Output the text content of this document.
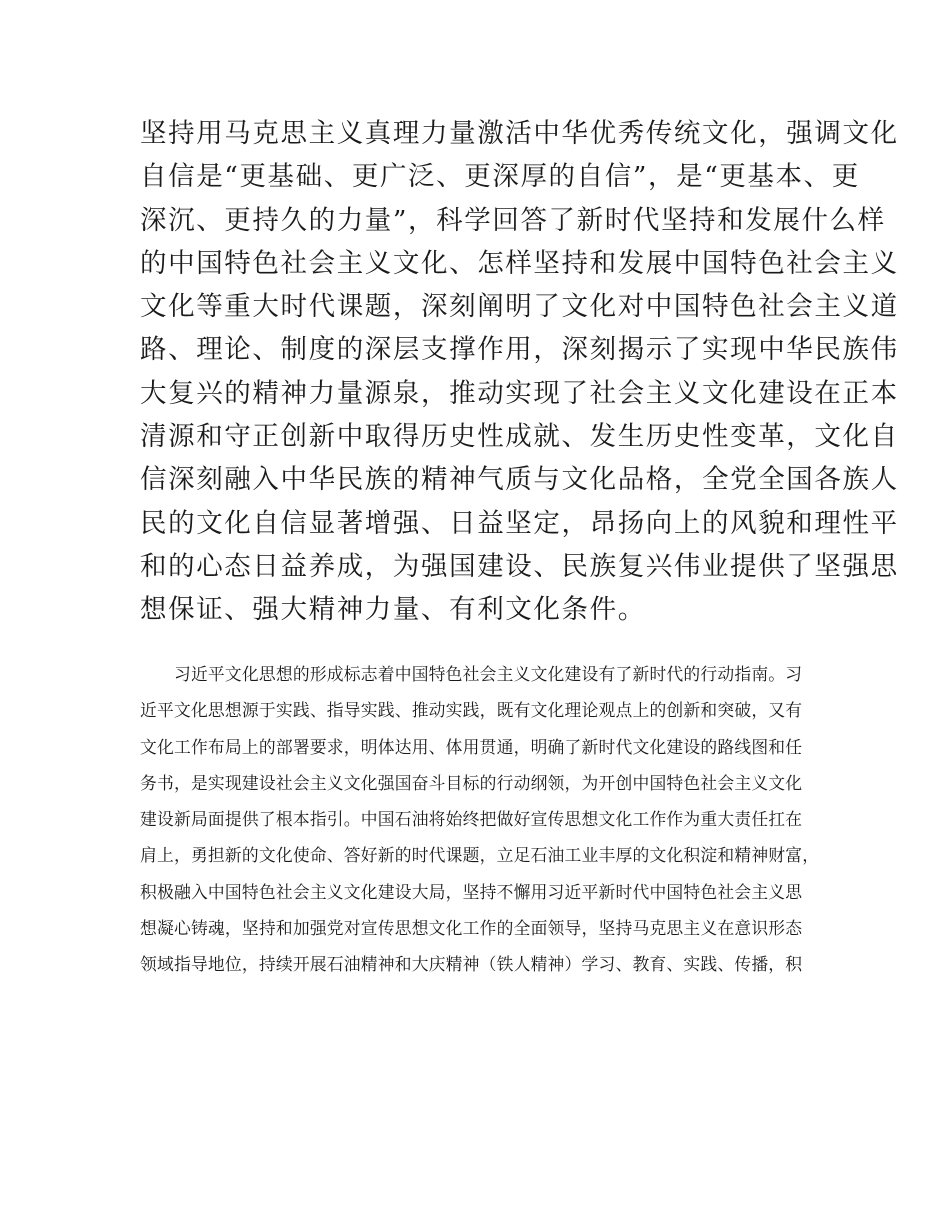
坚持用马克思主义真理力量激活中华优秀传统文化，强调文化
自信是“更基础、更广泛、更深厚的自信”，是“更基本、更
深沉、更持久的力量”，科学回答了新时代坚持和发展什么样
的中国特色社会主义文化、怎样坚持和发展中国特色社会主义
文化等重大时代课题，深刻阐明了文化对中国特色社会主义道
路、理论、制度的深层支撑作用，深刻揭示了实现中华民族伟
大复兴的精神力量源泉，推动实现了社会主义文化建设在正本
清源和守正创新中取得历史性成就、发生历史性变革，文化自
信深刻融入中华民族的精神气质与文化品格，全党全国各族人
民的文化自信显著增强、日益坚定，昂扬向上的风貌和理性平
和的心态日益养成，为强国建设、民族复兴伟业提供了坚强思
想保证、强大精神力量、有利文化条件。

　　习近平文化思想的形成标志着中国特色社会主义文化建设有了新时代的行动指南。习
近平文化思想源于实践、指导实践、推动实践，既有文化理论观点上的创新和突破，又有
文化工作布局上的部署要求，明体达用、体用贯通，明确了新时代文化建设的路线图和任
务书，是实现建设社会主义文化强国奋斗目标的行动纲领，为开创中国特色社会主义文化
建设新局面提供了根本指引。中国石油将始终把做好宣传思想文化工作作为重大责任扛在
肩上，勇担新的文化使命、答好新的时代课题，立足石油工业丰厚的文化积淀和精神财富，
积极融入中国特色社会主义文化建设大局，坚持不懈用习近平新时代中国特色社会主义思
想凝心铸魂，坚持和加强党对宣传思想文化工作的全面领导，坚持马克思主义在意识形态
领域指导地位，持续开展石油精神和大庆精神（铁人精神）学习、教育、实践、传播，积
